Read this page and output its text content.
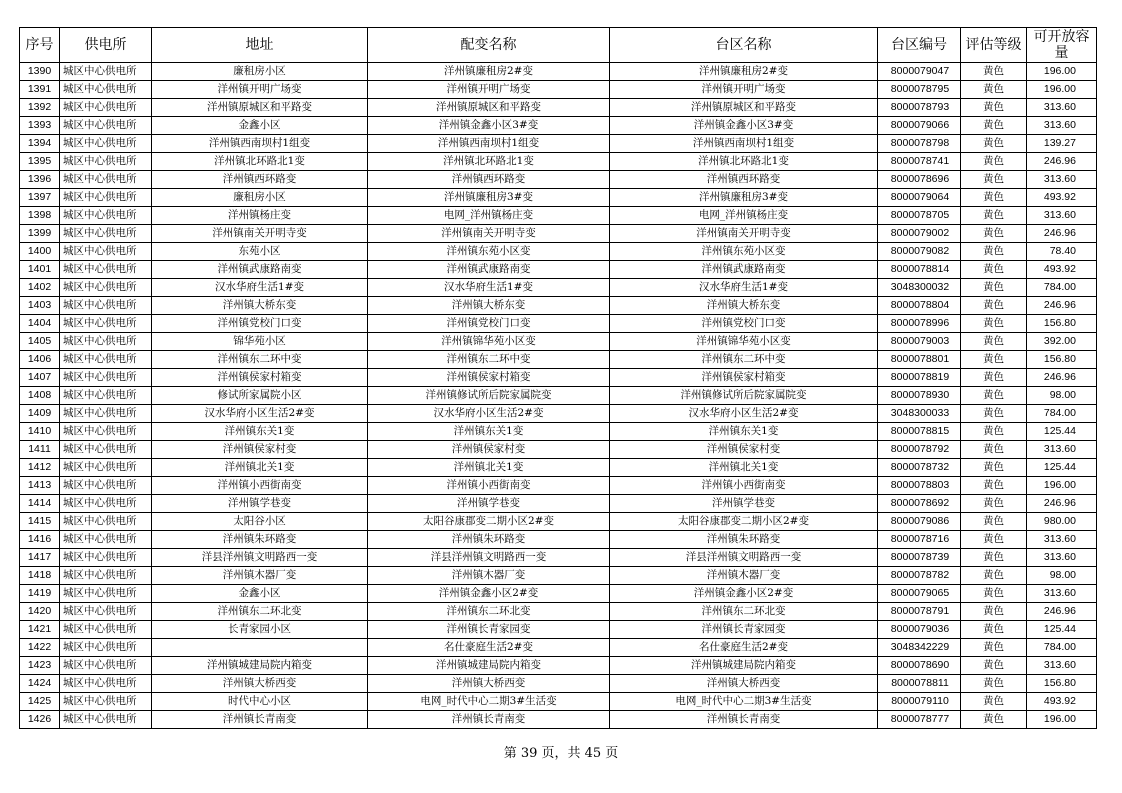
序号	供电所	地址	配变名称	台区名称	台区编号	评估等级	可开放容量
1390	城区中心供电所	廉租房小区	洋州镇廉租房2#变	洋州镇廉租房2#变	8000079047	黄色	196.00
1391	城区中心供电所	洋州镇开明广场变	洋州镇开明广场变	洋州镇开明广场变	8000078795	黄色	196.00
1392	城区中心供电所	洋州镇原城区和平路变	洋州镇原城区和平路变	洋州镇原城区和平路变	8000078793	黄色	313.60
1393	城区中心供电所	金鑫小区	洋州镇金鑫小区3#变	洋州镇金鑫小区3#变	8000079066	黄色	313.60
1394	城区中心供电所	洋州镇西南坝村1组变	洋州镇西南坝村1组变	洋州镇西南坝村1组变	8000078798	黄色	139.27
1395	城区中心供电所	洋州镇北环路北1变	洋州镇北环路北1变	洋州镇北环路北1变	8000078741	黄色	246.96
1396	城区中心供电所	洋州镇西环路变	洋州镇西环路变	洋州镇西环路变	8000078696	黄色	313.60
1397	城区中心供电所	廉租房小区	洋州镇廉租房3#变	洋州镇廉租房3#变	8000079064	黄色	493.92
1398	城区中心供电所	洋州镇杨庄变	电网_洋州镇杨庄变	电网_洋州镇杨庄变	8000078705	黄色	313.60
1399	城区中心供电所	洋州镇南关开明寺变	洋州镇南关开明寺变	洋州镇南关开明寺变	8000079002	黄色	246.96
1400	城区中心供电所	东苑小区	洋州镇东苑小区变	洋州镇东苑小区变	8000079082	黄色	78.40
1401	城区中心供电所	洋州镇武康路南变	洋州镇武康路南变	洋州镇武康路南变	8000078814	黄色	493.92
1402	城区中心供电所	汉水华府生活1#变	汉水华府生活1#变	汉水华府生活1#变	3048300032	黄色	784.00
1403	城区中心供电所	洋州镇大桥东变	洋州镇大桥东变	洋州镇大桥东变	8000078804	黄色	246.96
1404	城区中心供电所	洋州镇党校门口变	洋州镇党校门口变	洋州镇党校门口变	8000078996	黄色	156.80
1405	城区中心供电所	锦华苑小区	洋州镇锦华苑小区变	洋州镇锦华苑小区变	8000079003	黄色	392.00
1406	城区中心供电所	洋州镇东二环中变	洋州镇东二环中变	洋州镇东二环中变	8000078801	黄色	156.80
1407	城区中心供电所	洋州镇侯家村箱变	洋州镇侯家村箱变	洋州镇侯家村箱变	8000078819	黄色	246.96
1408	城区中心供电所	修试所家属院小区	洋州镇修试所后院家属院变	洋州镇修试所后院家属院变	8000078930	黄色	98.00
1409	城区中心供电所	汉水华府小区生活2#变	汉水华府小区生活2#变	汉水华府小区生活2#变	3048300033	黄色	784.00
1410	城区中心供电所	洋州镇东关1变	洋州镇东关1变	洋州镇东关1变	8000078815	黄色	125.44
1411	城区中心供电所	洋州镇侯家村变	洋州镇侯家村变	洋州镇侯家村变	8000078792	黄色	313.60
1412	城区中心供电所	洋州镇北关1变	洋州镇北关1变	洋州镇北关1变	8000078732	黄色	125.44
1413	城区中心供电所	洋州镇小西街南变	洋州镇小西街南变	洋州镇小西街南变	8000078803	黄色	196.00
1414	城区中心供电所	洋州镇学巷变	洋州镇学巷变	洋州镇学巷变	8000078692	黄色	246.96
1415	城区中心供电所	太阳谷小区	太阳谷康郡变二期小区2#变	太阳谷康郡变二期小区2#变	8000079086	黄色	980.00
1416	城区中心供电所	洋州镇朱环路变	洋州镇朱环路变	洋州镇朱环路变	8000078716	黄色	313.60
1417	城区中心供电所	洋县洋州镇文明路西一变	洋县洋州镇文明路西一变	洋县洋州镇文明路西一变	8000078739	黄色	313.60
1418	城区中心供电所	洋州镇木器厂变	洋州镇木器厂变	洋州镇木器厂变	8000078782	黄色	98.00
1419	城区中心供电所	金鑫小区	洋州镇金鑫小区2#变	洋州镇金鑫小区2#变	8000079065	黄色	313.60
1420	城区中心供电所	洋州镇东二环北变	洋州镇东二环北变	洋州镇东二环北变	8000078791	黄色	246.96
1421	城区中心供电所	长青家园小区	洋州镇长青家园变	洋州镇长青家园变	8000079036	黄色	125.44
1422	城区中心供电所		名仕豪庭生活2#变	名仕豪庭生活2#变	3048342229	黄色	784.00
1423	城区中心供电所	洋州镇城建局院内箱变	洋州镇城建局院内箱变	洋州镇城建局院内箱变	8000078690	黄色	313.60
1424	城区中心供电所	洋州镇大桥西变	洋州镇大桥西变	洋州镇大桥西变	8000078811	黄色	156.80
1425	城区中心供电所	时代中心小区	电网_时代中心二期3#生活变	电网_时代中心二期3#生活变	8000079110	黄色	493.92
1426	城区中心供电所	洋州镇长青南变	洋州镇长青南变	洋州镇长青南变	8000078777	黄色	196.00
第 39 页，共 45 页
